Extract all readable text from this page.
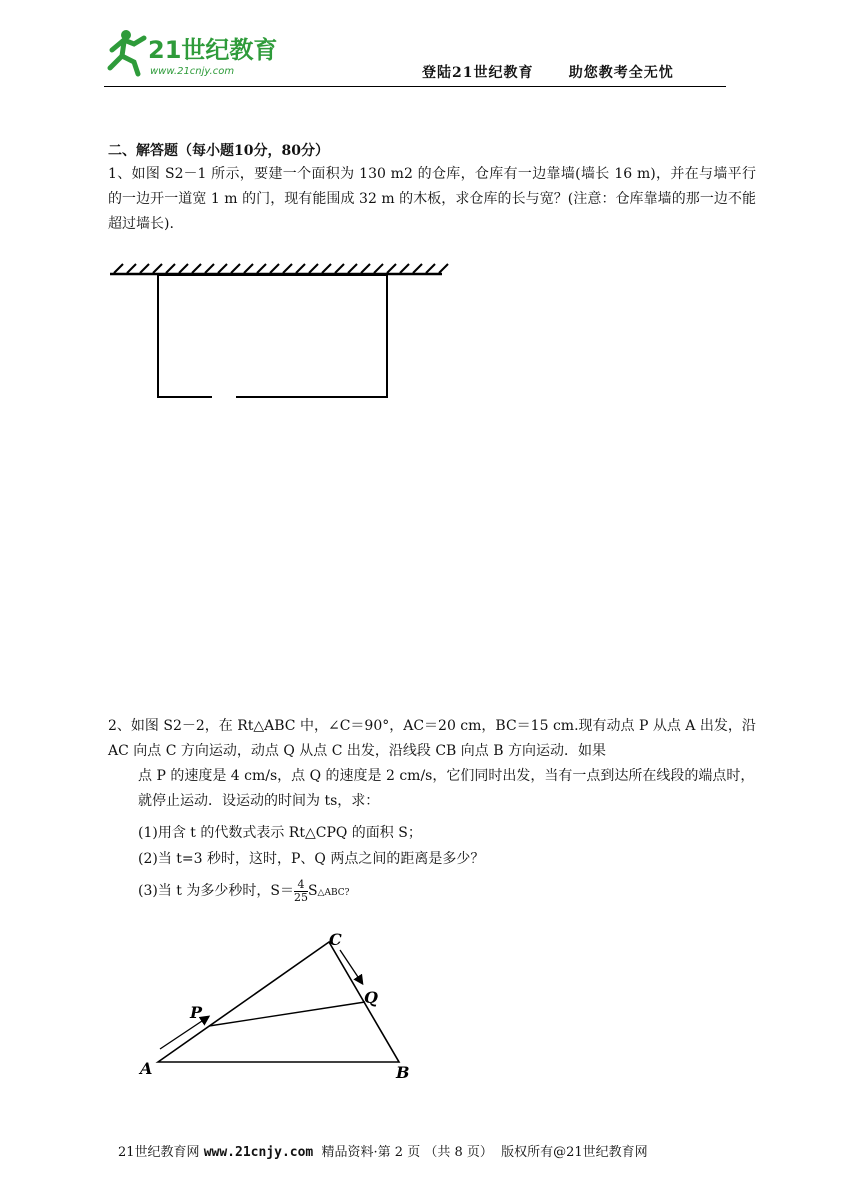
21世纪教育
www.21cnjy.com	登陆21世纪教育	助您教考全无忧
二、解答题（每小题10分，80分）
1、如图 S2－1 所示，要建一个面积为 130 m2 的仓库，仓库有一边靠墙(墙长 16 m)，并在与墙平行的一边开一道宽 1 m 的门，现有能围成 32 m 的木板，求仓库的长与宽？(注意：仓库靠墙的那一边不能超过墙长).

2、如图 S2－2，在 Rt△ABC 中，∠C＝90°，AC＝20 cm，BC＝15 cm.现有动点 P 从点 A 出发，沿 AC 向点 C 方向运动，动点 Q 从点 C 出发，沿线段 CB 向点 B 方向运动．如果

点 P 的速度是 4 cm/s，点 Q 的速度是 2 cm/s，它们同时出发，当有一点到达所在线段的端点时，就停止运动．设运动的时间为 ts，求：

(1)用含 t 的代数式表示 Rt△CPQ 的面积 S；
(2)当 t=3 秒时，这时，P、Q 两点之间的距离是多少？
(3)当 t 为多少秒时，$S= \frac{4}{25}$ S△ABC?
A	B
C
P
Q
21世纪教育网 www.21cnjy.com 精品资料·第 2 页 （共 8 页） 版权所有@21世纪教育网
